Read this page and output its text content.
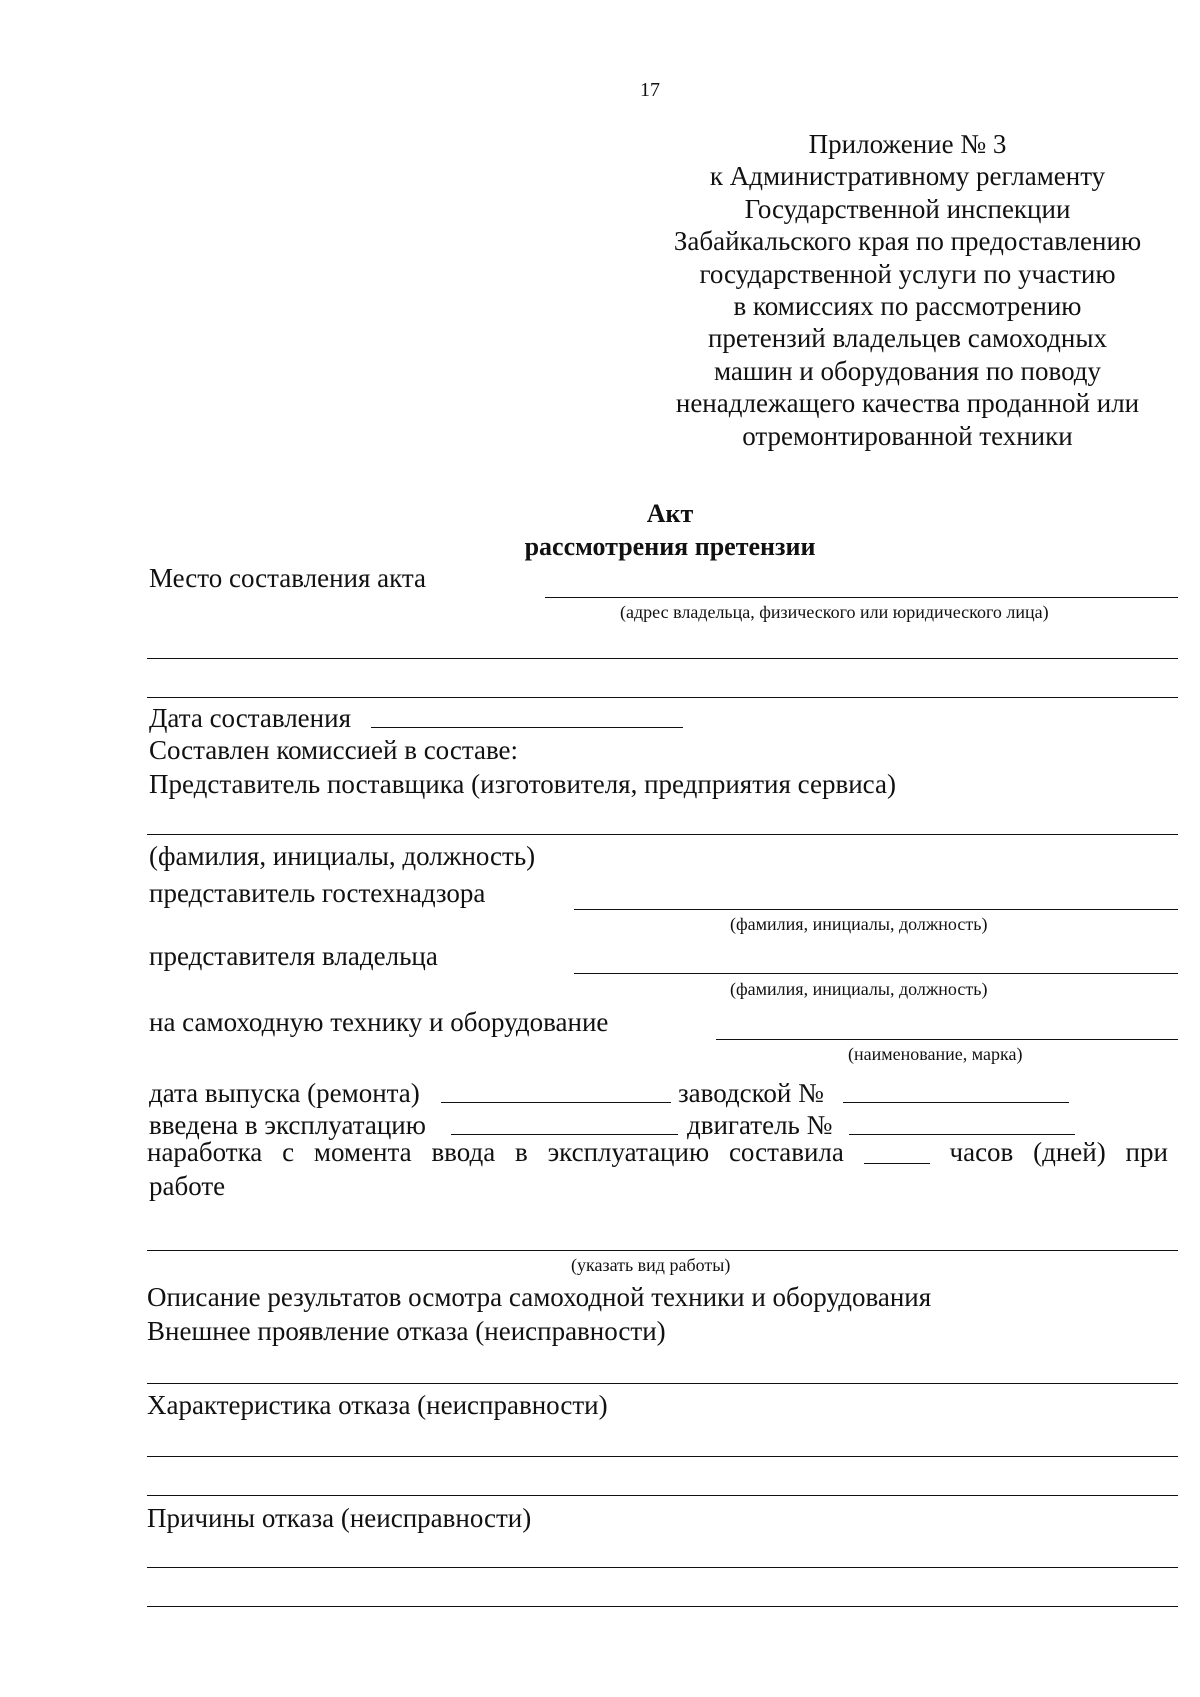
17
Приложение № 3
к Административному регламенту
Государственной инспекции
Забайкальского края по предоставлению
государственной услуги по участию
в комиссиях по рассмотрению
претензий владельцев самоходных
машин и оборудования по поводу
ненадлежащего качества проданной или
отремонтированной техники
Акт
рассмотрения претензии
Место составления акта
(адрес владельца, физического или юридического лица)
Дата составления
Составлен комиссией в составе:
Представитель поставщика (изготовителя, предприятия сервиса)
(фамилия, инициалы, должность)
представитель гостехнадзора
(фамилия, инициалы, должность)
представителя владельца
(фамилия, инициалы, должность)
на самоходную технику и оборудование
(наименование, марка)
дата выпуска (ремонта)	заводской №
введена в эксплуатацию	двигатель №
наработка с момента ввода в эксплуатацию составила	часов (дней) при
работе
(указать вид работы)
Описание результатов осмотра самоходной техники и оборудования
Внешнее проявление отказа (неисправности)
Характеристика отказа (неисправности)
Причины отказа (неисправности)
